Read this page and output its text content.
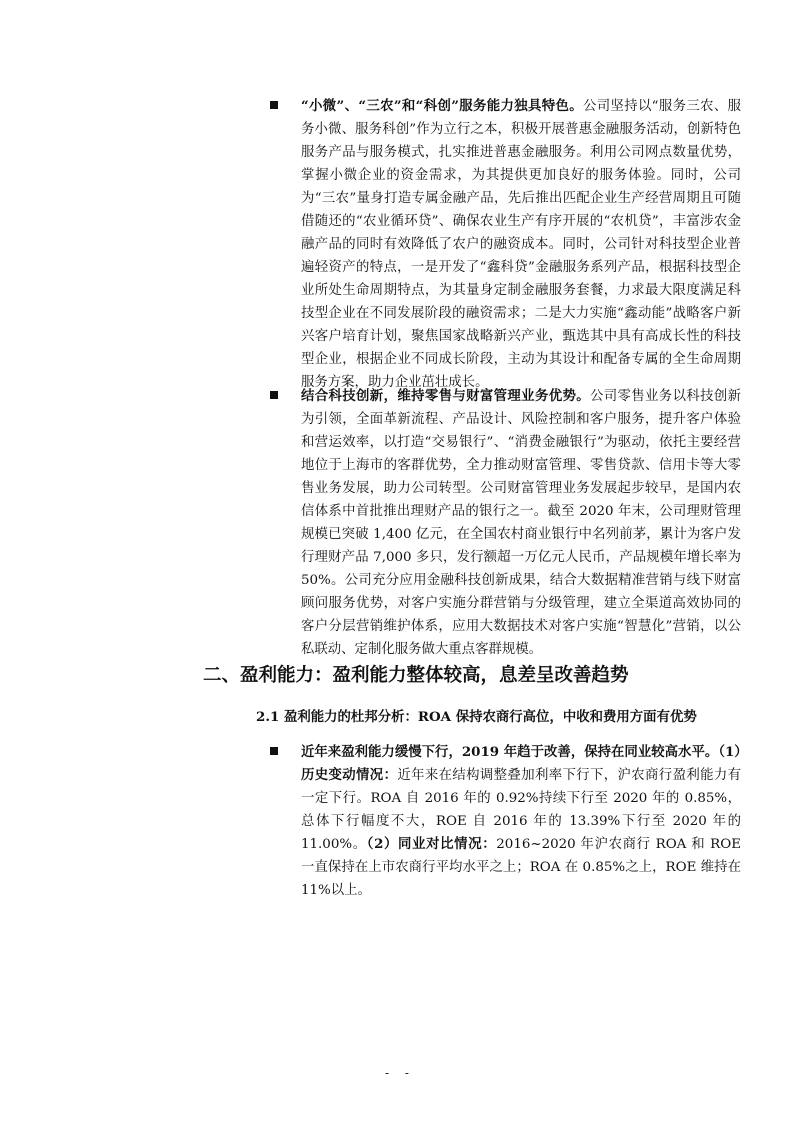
“小微”、“三农”和“科创”服务能力独具特色。公司坚持以“服务三农、服务小微、服务科创”作为立行之本，积极开展普惠金融服务活动，创新特色服务产品与服务模式，扎实推进普惠金融服务。利用公司网点数量优势，掌握小微企业的资金需求，为其提供更加良好的服务体验。同时，公司为“三农”量身打造专属金融产品，先后推出匹配企业生产经营周期且可随借随还的“农业循环贷”、确保农业生产有序开展的“农机贷”，丰富涉农金融产品的同时有效降低了农户的融资成本。同时，公司针对科技型企业普遍轻资产的特点，一是开发了“鑫科贷”金融服务系列产品，根据科技型企业所处生命周期特点，为其量身定制金融服务套餐，力求最大限度满足科技型企业在不同发展阶段的融资需求；二是大力实施“鑫动能”战略客户新兴客户培育计划，聚焦国家战略新兴产业，甄选其中具有高成长性的科技型企业，根据企业不同成长阶段，主动为其设计和配备专属的全生命周期服务方案，助力企业茁壮成长。
结合科技创新，维持零售与财富管理业务优势。公司零售业务以科技创新为引领，全面革新流程、产品设计、风险控制和客户服务，提升客户体验和营运效率，以打造“交易银行”、“消费金融银行”为驱动，依托主要经营地位于上海市的客群优势，全力推动财富管理、零售贷款、信用卡等大零售业务发展，助力公司转型。公司财富管理业务发展起步较早，是国内农信体系中首批推出理财产品的银行之一。截至 2020 年末，公司理财管理规模已突破 1,400 亿元，在全国农村商业银行中名列前茅，累计为客户发行理财产品 7,000 多只，发行额超一万亿元人民币，产品规模年增长率为 50%。公司充分应用金融科技创新成果，结合大数据精准营销与线下财富顾问服务优势，对客户实施分群营销与分级管理，建立全渠道高效协同的客户分层营销维护体系，应用大数据技术对客户实施“智慧化”营销，以公私联动、定制化服务做大重点客群规模。
二、盈利能力：盈利能力整体较高，息差呈改善趋势
2.1 盈利能力的杜邦分析：ROA 保持农商行高位，中收和费用方面有优势
近年来盈利能力缓慢下行，2019 年趋于改善，保持在同业较高水平。（1）历史变动情况：近年来在结构调整叠加利率下行下，沪农商行盈利能力有一定下行。ROA 自 2016 年的 0.92%持续下行至 2020 年的 0.85%，总体下行幅度不大，ROE 自 2016 年的 13.39%下行至 2020 年的 11.00%。（2）同业对比情况：2016~2020 年沪农商行 ROA 和 ROE 一直保持在上市农商行平均水平之上；ROA 在 0.85%之上，ROE 维持在 11%以上。
- -
